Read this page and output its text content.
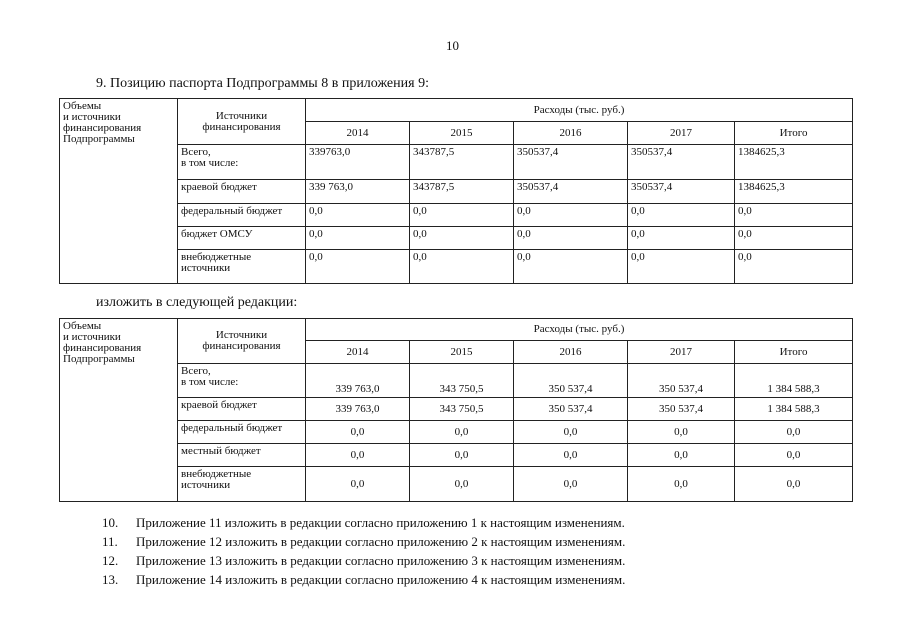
10
9. Позицию паспорта Подпрограммы 8 в приложения 9:
Объемы
и источники
финансирования
Подпрограммы	Источники
финансирования	Расходы (тыс. руб.)				
		2014	2015	2016	2017	Итого
	Всего,
в том числе:	339763,0	343787,5	350537,4	350537,4	1384625,3
	краевой бюджет	339 763,0	343787,5	350537,4	350537,4	1384625,3
	федеральный бюджет	0,0	0,0	0,0	0,0	0,0
	бюджет ОМСУ	0,0	0,0	0,0	0,0	0,0
	внебюджетные
источники	0,0	0,0	0,0	0,0	0,0
изложить в следующей редакции:
Объемы
и источники
финансирования
Подпрограммы	Источники
финансирования	Расходы (тыс. руб.)				
		2014	2015	2016	2017	Итого
	Всего,
в том числе:	339 763,0	343 750,5	350 537,4	350 537,4	1 384 588,3
	краевой бюджет	339 763,0	343 750,5	350 537,4	350 537,4	1 384 588,3
	федеральный бюджет	0,0	0,0	0,0	0,0	0,0
	местный бюджет	0,0	0,0	0,0	0,0	0,0
	внебюджетные
источники	0,0	0,0	0,0	0,0	0,0
10. Приложение 11 изложить в редакции согласно приложению 1 к настоящим изменениям.
11. Приложение 12 изложить в редакции согласно приложению 2 к настоящим изменениям.
12. Приложение 13 изложить в редакции согласно приложению 3 к настоящим изменениям.
13. Приложение 14 изложить в редакции согласно приложению 4 к настоящим изменениям.
